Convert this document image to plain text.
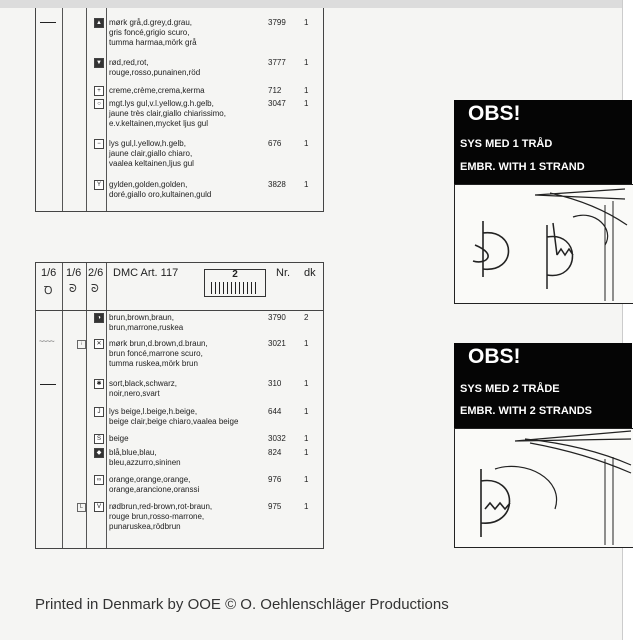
▲ mørk grå,d.grey,d.grau,
gris foncé,grigio scuro,
tumma harmaa,mörk grå
3799	1
▼ rød,red,rot,
rouge,rosso,punainen,röd
3777	1
+	creme,crème,crema,kerma	712	1
○	mgt.lys gul,v.l.yellow,g.h.gelb,
jaune très clair,giallo chiarissimo,
e.v.keltainen,mycket ljus gul
3047	1
−	lys gul,l.yellow,h.gelb,
jaune clair,giallo chiaro,
vaalea keltainen,ljus gul
676	1
Y	gylden,golden,golden,
doré,giallo oro,kultainen,guld
3828	1
1/6 1/6 2/6
Ꝺ ᘐ ᘐ
DMC Art. 117	2	Nr. dk
◑	brun,brown,braun,
brun,marrone,ruskea
3790	2
~~~~	⁝	✕ mørk brun,d.brown,d.braun,
brun foncé,marrone scuro,
tumma ruskea,mörk brun
3021	1
✱ sort,black,schwarz,
noir,nero,svart
310	1
J	lys beige,l.beige,h.beige,
beige clair,beige chiaro,vaalea beige
644	1
S	beige	3032	1
◆ blå,blue,blau,
bleu,azzurro,sininen
824	1
∞ orange,orange,orange,
orange,arancione,oranssi
976	1
L	V	rødbrun,red-brown,rot-braun,
rouge brun,rosso-marrone,
punaruskea,rödbrun
975	1
OBS!
SYS MED 1 TRÅD
EMBR. WITH 1 STRAND
OBS!
SYS MED 2 TRÅDE
EMBR. WITH 2 STRANDS
Printed in Denmark by OOE © O. Oehlenschläger Productions
